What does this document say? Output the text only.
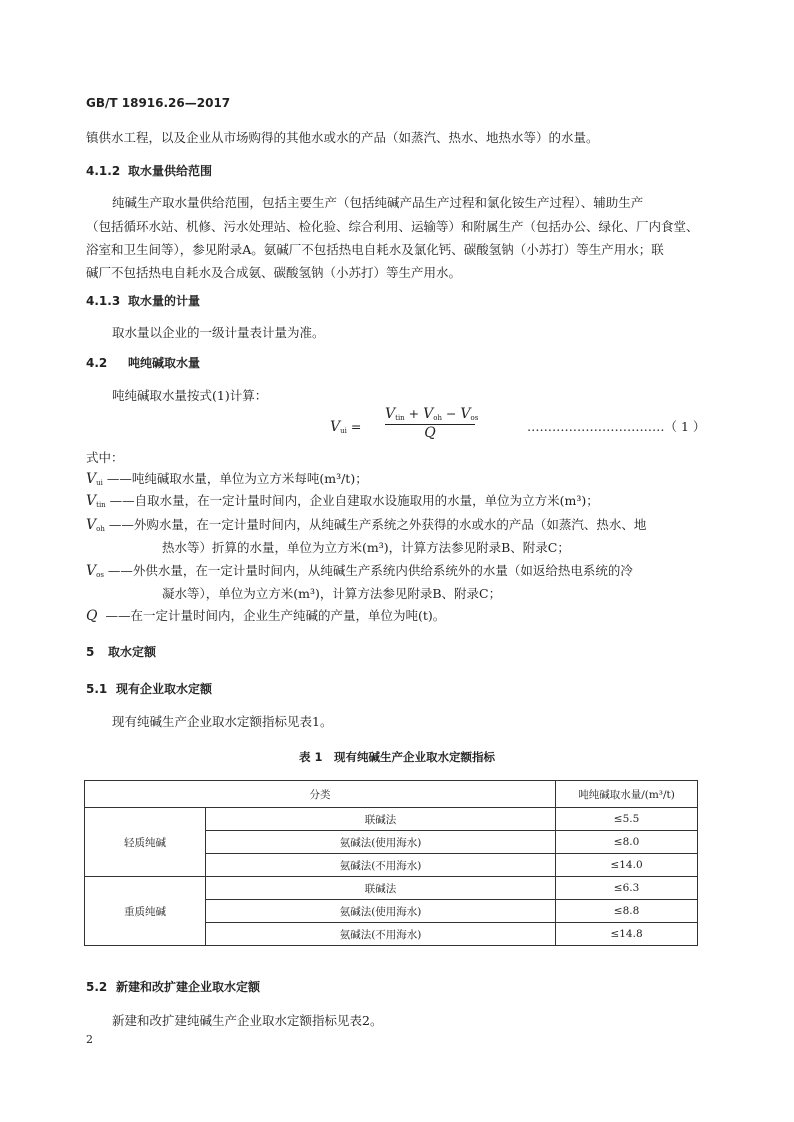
GB/T 18916.26—2017
镇供水工程，以及企业从市场购得的其他水或水的产品（如蒸汽、热水、地热水等）的水量。
4.1.2 取水量供给范围
纯碱生产取水量供给范围，包括主要生产（包括纯碱产品生产过程和氯化铵生产过程）、辅助生产
（包括循环水站、机修、污水处理站、检化验、综合利用、运输等）和附属生产（包括办公、绿化、厂内食堂、
浴室和卫生间等），参见附录A。氨碱厂不包括热电自耗水及氯化钙、碳酸氢钠（小苏打）等生产用水；联
碱厂不包括热电自耗水及合成氨、碳酸氢钠（小苏打）等生产用水。
4.1.3 取水量的计量
取水量以企业的一级计量表计量为准。
4.2 吨纯碱取水量
吨纯碱取水量按式(1)计算：
$V_{ui}$ =
$V_{tin} + V_{oh} - V_{os}$
Q	……………………………（ 1 ）
式中：
$V_{ui}$ ——吨纯碱取水量，单位为立方米每吨(m³/t)；
$V_{tin}$ ——自取水量，在一定计量时间内，企业自建取水设施取用的水量，单位为立方米(m³)；
$V_{oh}$ ——外购水量，在一定计量时间内，从纯碱生产系统之外获得的水或水的产品（如蒸汽、热水、地
热水等）折算的水量，单位为立方米(m³)，计算方法参见附录B、附录C；
$V_{os}$ ——外供水量，在一定计量时间内，从纯碱生产系统内供给系统外的水量（如返给热电系统的冷
凝水等），单位为立方米(m³)，计算方法参见附录B、附录C；
Q ——在一定计量时间内，企业生产纯碱的产量，单位为吨(t)。
5 取水定额
5.1 现有企业取水定额
现有纯碱生产企业取水定额指标见表1。
表 1　现有纯碱生产企业取水定额指标
分类		吨纯碱取水量/(m³/t)
轻质纯碱	联碱法	≤5.5
	氨碱法(使用海水)	≤8.0
	氨碱法(不用海水)	≤14.0
重质纯碱	联碱法	≤6.3
	氨碱法(使用海水)	≤8.8
	氨碱法(不用海水)	≤14.8
5.2 新建和改扩建企业取水定额
新建和改扩建纯碱生产企业取水定额指标见表2。
2
